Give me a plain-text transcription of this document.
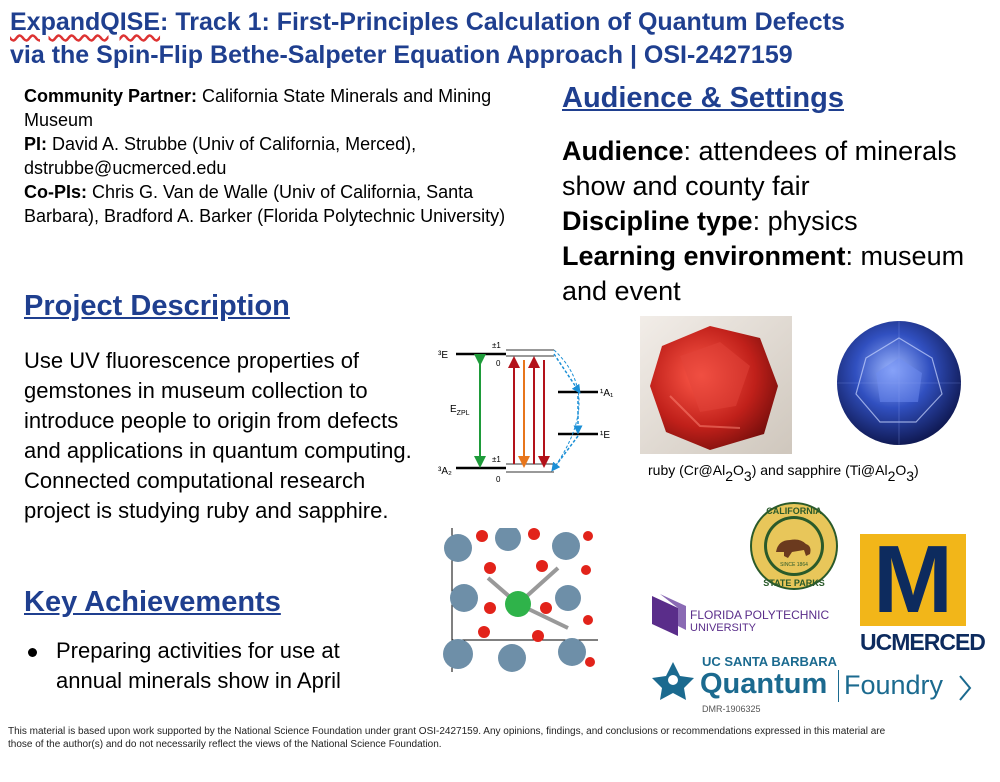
ExpandQISE: Track 1: First-Principles Calculation of Quantum Defects
via the Spin-Flip Bethe-Salpeter Equation Approach | OSI-2427159
Community Partner: California State Minerals and Mining Museum
PI: David A. Strubbe (Univ of California, Merced), dstrubbe@ucmerced.edu
Co-PIs: Chris G. Van de Walle (Univ of California, Santa Barbara), Bradford A. Barker (Florida Polytechnic University)
Project Description
Use UV fluorescence properties of gemstones in museum collection to introduce people to origin from defects and applications in quantum computing. Connected computational research project is studying ruby and sapphire.
Key Achievements
Preparing activities for use at annual minerals show in April
Audience & Settings
Audience: attendees of minerals show and county fair
Discipline type: physics
Learning environment: museum and event
³E
³A₂
$E_{ZPL}$
¹A₁
¹E
±1
0
±1
0
ruby $(Cr@Al_2O_3)$ and sapphire $(Ti@Al_2O_3)$
CALIFORNIA
STATE PARKS
SINCE 1864 M
UCMERCED
FLORIDA POLYTECHNIC
UNIVERSITY
UC SANTA BARBARA
Quantum Foundry
DMR-1906325
This material is based upon work supported by the National Science Foundation under grant OSI-2427159. Any opinions, findings, and conclusions or recommendations expressed in this material are those of the author(s) and do not necessarily reflect the views of the National Science Foundation.
